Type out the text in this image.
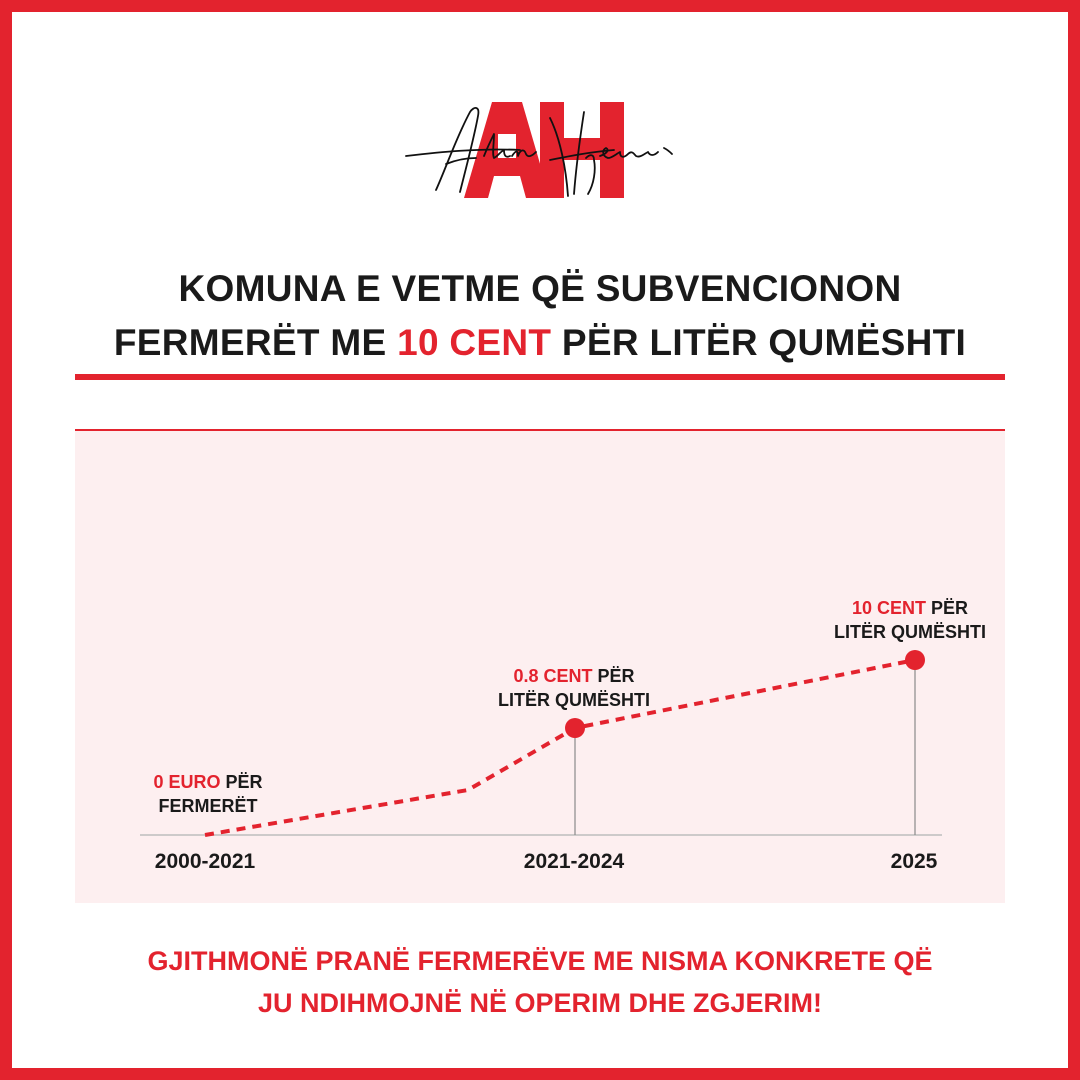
KOMUNA E VETME QË SUBVENCIONON
FERMERËT ME 10 CENT PËR LITËR QUMËSHTI
0 EURO PËR
FERMERËT
0.8 CENT PËR
LITËR QUMËSHTI
10 CENT PËR
LITËR QUMËSHTI
2000-2021	2021-2024	2025
GJITHMONË PRANË FERMERËVE ME NISMA KONKRETE QË
JU NDIHMOJNË NË OPERIM DHE ZGJERIM!
